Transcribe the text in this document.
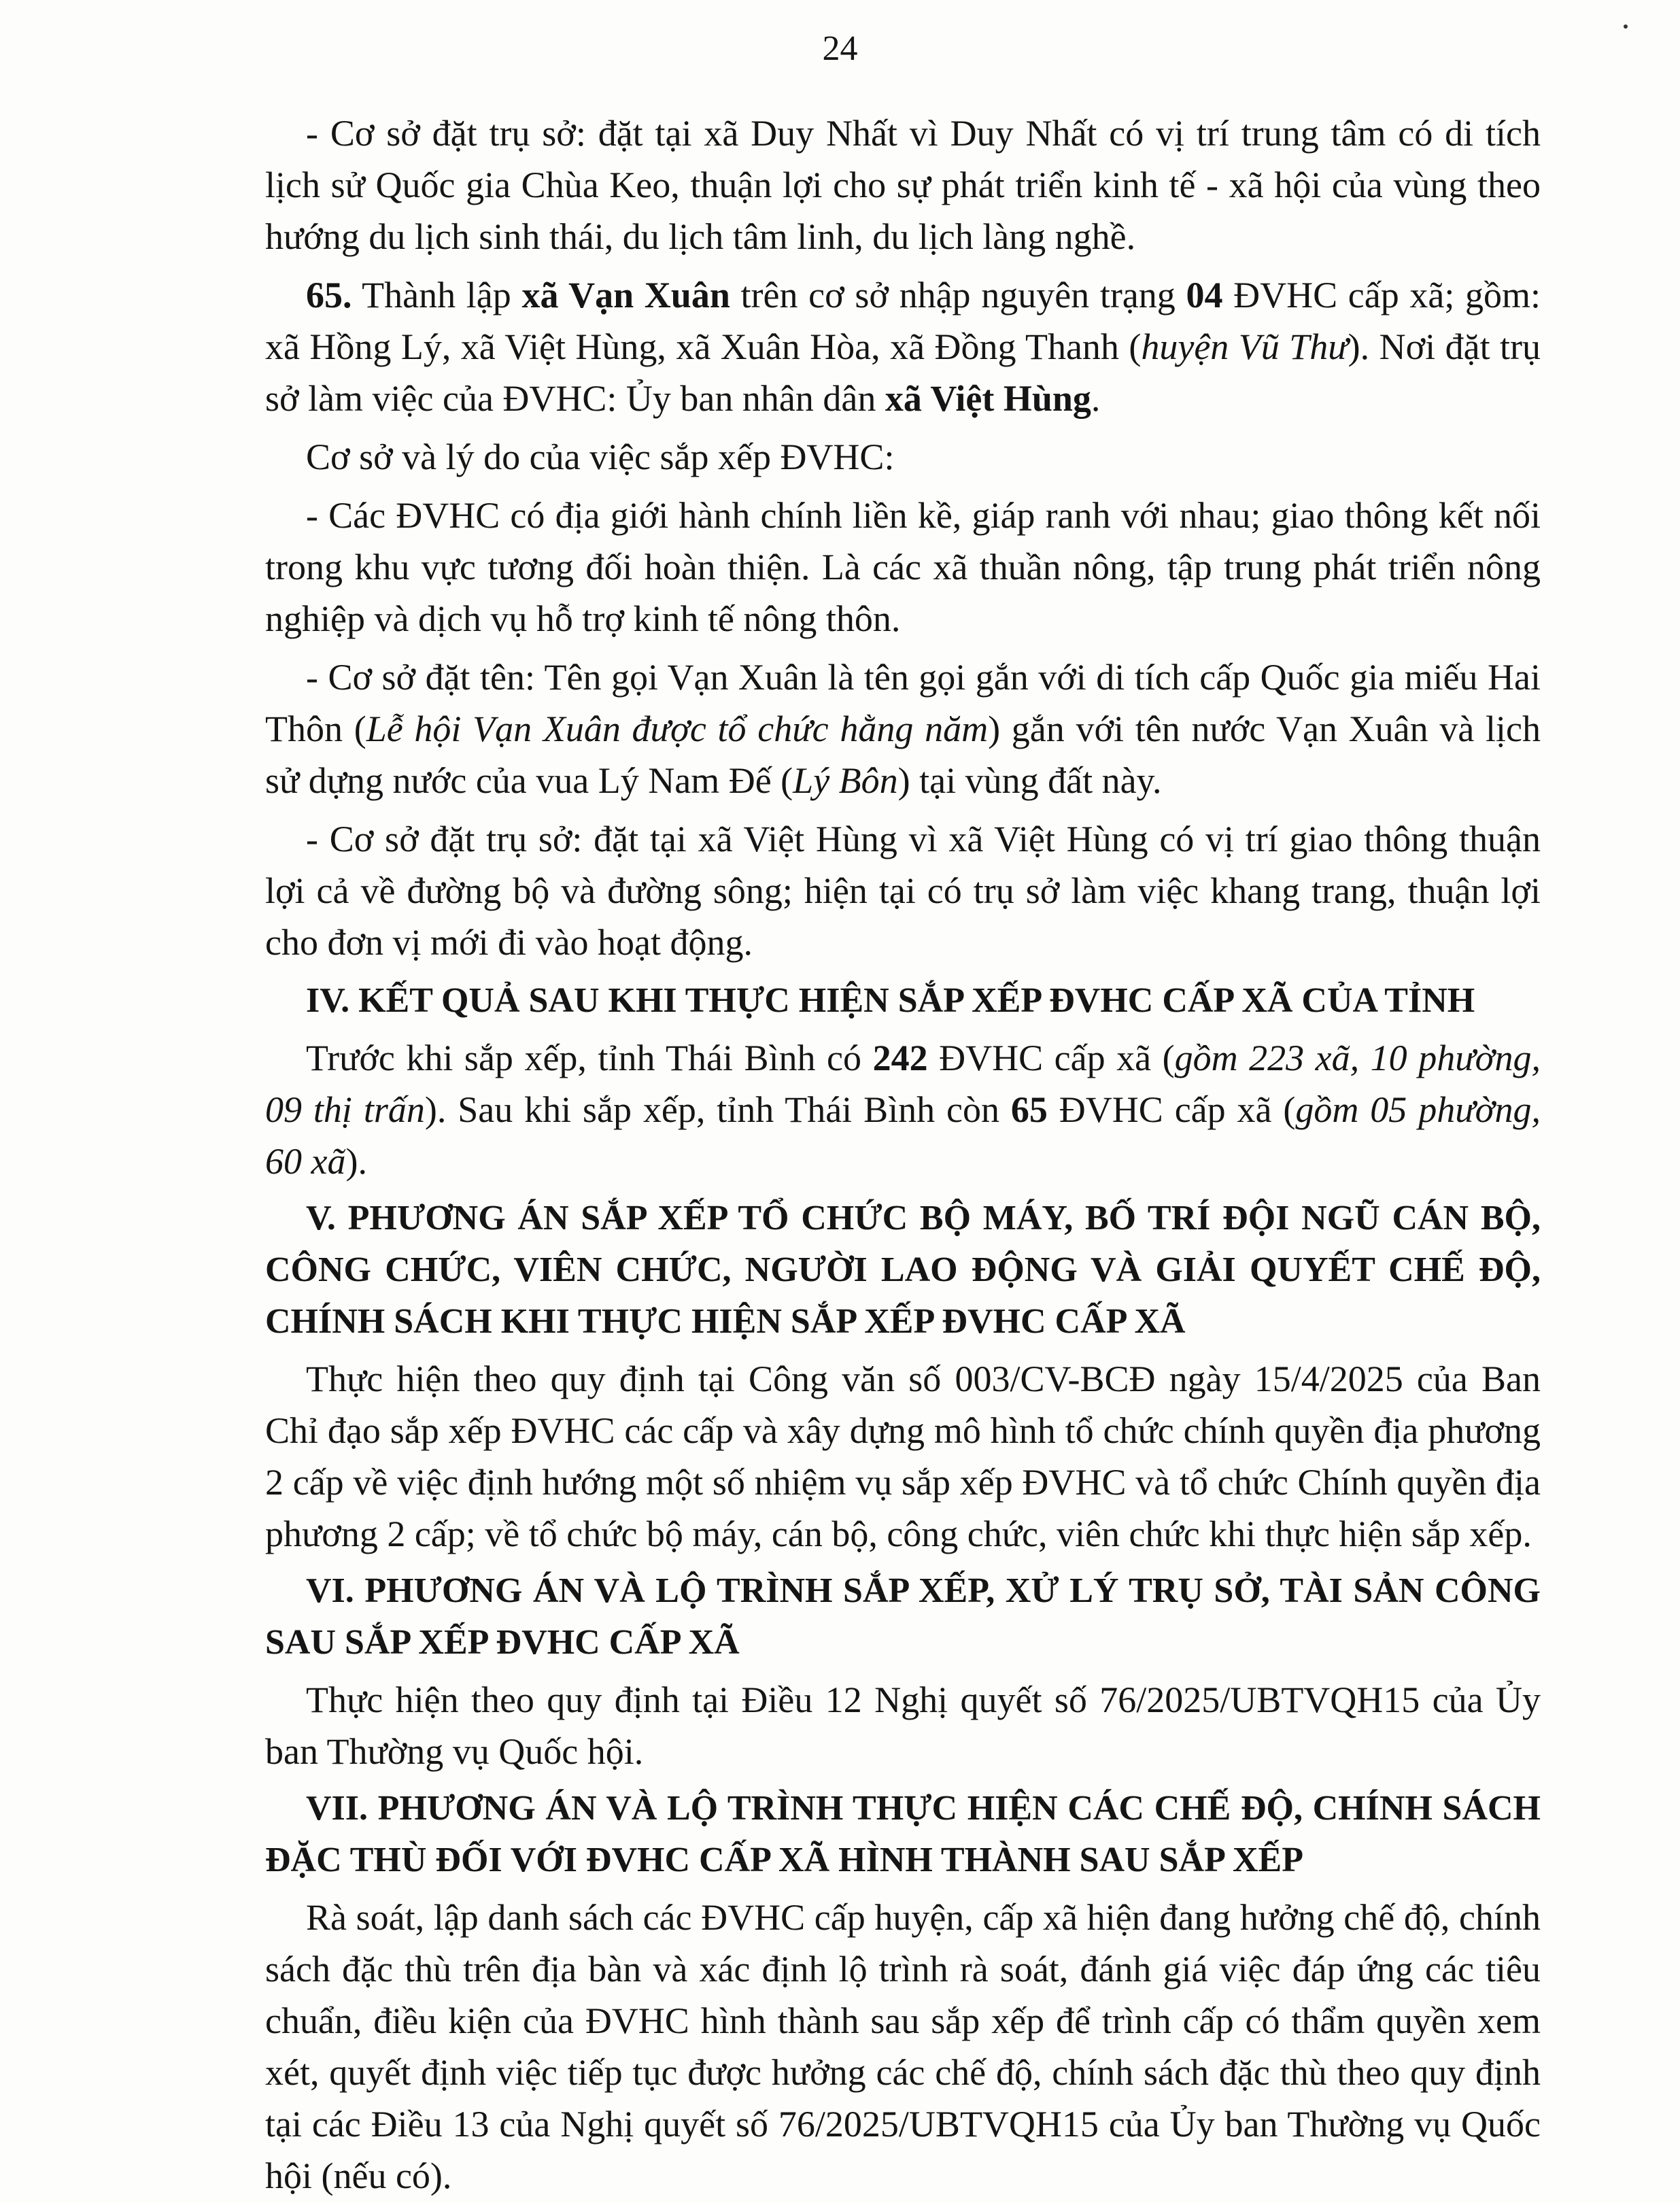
24

- Cơ sở đặt trụ sở: đặt tại xã Duy Nhất vì Duy Nhất có vị trí trung tâm có di tích lịch sử Quốc gia Chùa Keo, thuận lợi cho sự phát triển kinh tế - xã hội của vùng theo hướng du lịch sinh thái, du lịch tâm linh, du lịch làng nghề.

65. Thành lập xã Vạn Xuân trên cơ sở nhập nguyên trạng 04 ĐVHC cấp xã; gồm: xã Hồng Lý, xã Việt Hùng, xã Xuân Hòa, xã Đồng Thanh (huyện Vũ Thư). Nơi đặt trụ sở làm việc của ĐVHC: Ủy ban nhân dân xã Việt Hùng.

Cơ sở và lý do của việc sắp xếp ĐVHC:

- Các ĐVHC có địa giới hành chính liền kề, giáp ranh với nhau; giao thông kết nối trong khu vực tương đối hoàn thiện. Là các xã thuần nông, tập trung phát triển nông nghiệp và dịch vụ hỗ trợ kinh tế nông thôn.

- Cơ sở đặt tên: Tên gọi Vạn Xuân là tên gọi gắn với di tích cấp Quốc gia miếu Hai Thôn (Lễ hội Vạn Xuân được tổ chức hằng năm) gắn với tên nước Vạn Xuân và lịch sử dựng nước của vua Lý Nam Đế (Lý Bôn) tại vùng đất này.

- Cơ sở đặt trụ sở: đặt tại xã Việt Hùng vì xã Việt Hùng có vị trí giao thông thuận lợi cả về đường bộ và đường sông; hiện tại có trụ sở làm việc khang trang, thuận lợi cho đơn vị mới đi vào hoạt động.

IV. KẾT QUẢ SAU KHI THỰC HIỆN SẮP XẾP ĐVHC CẤP XÃ CỦA TỈNH

Trước khi sắp xếp, tỉnh Thái Bình có 242 ĐVHC cấp xã (gồm 223 xã, 10 phường, 09 thị trấn). Sau khi sắp xếp, tỉnh Thái Bình còn 65 ĐVHC cấp xã (gồm 05 phường, 60 xã).

V. PHƯƠNG ÁN SẮP XẾP TỔ CHỨC BỘ MÁY, BỐ TRÍ ĐỘI NGŨ CÁN BỘ, CÔNG CHỨC, VIÊN CHỨC, NGƯỜI LAO ĐỘNG VÀ GIẢI QUYẾT CHẾ ĐỘ, CHÍNH SÁCH KHI THỰC HIỆN SẮP XẾP ĐVHC CẤP XÃ

Thực hiện theo quy định tại Công văn số 003/CV-BCĐ ngày 15/4/2025 của Ban Chỉ đạo sắp xếp ĐVHC các cấp và xây dựng mô hình tổ chức chính quyền địa phương 2 cấp về việc định hướng một số nhiệm vụ sắp xếp ĐVHC và tổ chức Chính quyền địa phương 2 cấp; về tổ chức bộ máy, cán bộ, công chức, viên chức khi thực hiện sắp xếp.

VI. PHƯƠNG ÁN VÀ LỘ TRÌNH SẮP XẾP, XỬ LÝ TRỤ SỞ, TÀI SẢN CÔNG SAU SẮP XẾP ĐVHC CẤP XÃ

Thực hiện theo quy định tại Điều 12 Nghị quyết số 76/2025/UBTVQH15 của Ủy ban Thường vụ Quốc hội.

VII. PHƯƠNG ÁN VÀ LỘ TRÌNH THỰC HIỆN CÁC CHẾ ĐỘ, CHÍNH SÁCH ĐẶC THÙ ĐỐI VỚI ĐVHC CẤP XÃ HÌNH THÀNH SAU SẮP XẾP

Rà soát, lập danh sách các ĐVHC cấp huyện, cấp xã hiện đang hưởng chế độ, chính sách đặc thù trên địa bàn và xác định lộ trình rà soát, đánh giá việc đáp ứng các tiêu chuẩn, điều kiện của ĐVHC hình thành sau sắp xếp để trình cấp có thẩm quyền xem xét, quyết định việc tiếp tục được hưởng các chế độ, chính sách đặc thù theo quy định tại các Điều 13 của Nghị quyết số 76/2025/UBTVQH15 của Ủy ban Thường vụ Quốc hội (nếu có).
